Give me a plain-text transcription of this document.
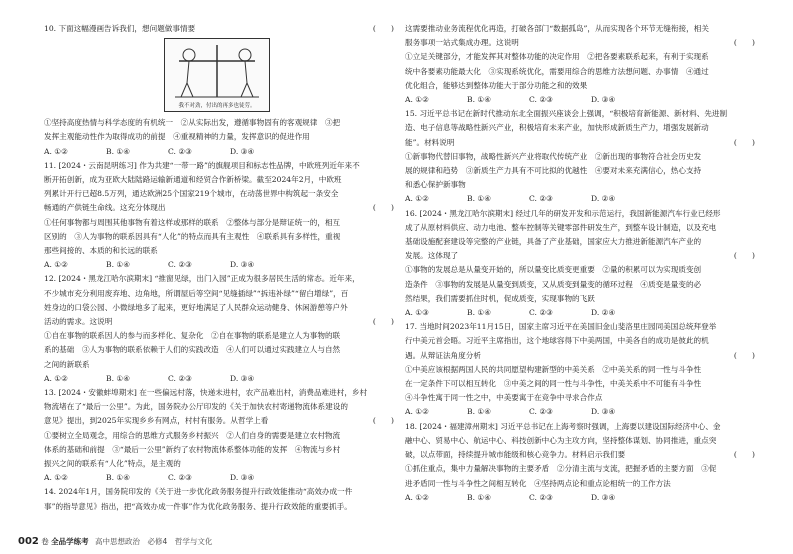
10. 下面这幅漫画告诉我们，想问题做事情要	(　　)
我不对劲，付出的再多也徒劳。
①坚持高度热情与科学态度的有机统一　②从实际出发，遵循事物固有的客观规律　③把
发挥主观能动性作为取得成功的前提　④重视精神的力量，发挥意识的促进作用
A. ①②	B. ①④	C. ②③	D. ③④
11. [2024・云南昆明练习] 作为共建“一带一路”的旗舰项目和标志性品牌，中欧班列近年来不
断开拓创新，成为亚欧大陆陆路运输新通道和经贸合作新桥梁。截至2024年2月，中欧班
列累计开行已超8.5万列，通达欧洲25个国家219个城市，在动荡世界中构筑起一条安全
畅通的产供链生命线。这充分体现出	(　　)
①任何事物都与周围其他事物有着这样或那样的联系　②整体与部分是辩证统一的，相互
区别的　③人为事物的联系因具有“人化”的特点而具有主观性　④联系具有多样性，重视
那些间接的、本质的和长远的联系
A. ①②	B. ①④	C. ②③	D. ③④
12. [2024・黑龙江哈尔滨期末] “推窗见绿，出门入园”正成为很多居民生活的常态。近年来，
不少城市充分利用废弃地、边角地，所谓屋后等空间“见缝插绿”“拆违补绿”“留白增绿”，百
姓身边的口袋公园、小微绿地多了起来，更好地满足了人民群众运动健身、休闲游憩等户外
活动的需求。这说明	(　　)
①自在事物的联系因人的参与而多样化、复杂化　②自在事物的联系是建立人为事物的联
系的基础　③人为事物的联系依赖于人们的实践改造　④人们可以通过实践建立人与自然
之间的新联系
A. ①②	B. ①④	C. ②③	D. ③④
13. [2024・安徽蚌埠期末] 在一些偏远村落，快递未进村，农产品难出村，消费品难进村，乡村
物流堵在了“最后一公里”。为此，国务院办公厅印发的《关于加快农村寄递物流体系建设的
意见》提出，到2025年实现乡乡有网点，村村有服务。从哲学上看	(　　)
①要树立全局观念，用综合的思维方式服务乡村振兴　②人们自身的需要是建立农村物流
体系的基础和前提　③“最后一公里”新约了农村物流体系整体功能的发挥　④物流与乡村
振兴之间的联系有“人化”特点，是主观的
A. ①②	B. ①④	C. ②③	D. ③④
14. 2024年1月，国务院印发的《关于进一步优化政务服务提升行政效能推动“高效办成一件
事”的指导意见》指出，把“高效办成一件事”作为优化政务服务、提升行政效能的重要抓手。
这需要推动业务流程优化再造，打破各部门“数据孤岛”，从而实现各个环节无缝衔接，相关
服务事项一站式集成办理。这说明	(　　)
①立足关键部分，才能发挥其对整体功能的决定作用　②把各要素联系起来，有利于实现系
统中各要素功能最大化　③实现系统优化，需要用综合的思维方法想问题、办事情　④通过
优化组合，能够达到整体功能大于部分功能之和的效果
A. ①②	B. ①④	C. ②③	D. ③④
15. 习近平总书记在新时代推动东北全面振兴座谈会上强调，“积极培育新能源、新材料、先进制
造、电子信息等战略性新兴产业，积极培育未来产业，加快形成新质生产力，增强发展新动
能”。材料说明	(　　)
①新事物代替旧事物，战略性新兴产业将取代传统产业　②新出现的事物符合社会历史发
展的规律和趋势　③新质生产力具有不可比拟的优越性　④要对未来充满信心，热心支持
和悉心保护新事物
A. ①②	B. ①④	C. ②③	D. ②④
16. [2024・黑龙江哈尔滨期末] 经过几年的研发开发和示范运行，我国新能源汽车行业已经形
成了从原材料供应、动力电池、整车控制等关键零部件研发生产，到整车设计制造，以及充电
基础设施配套建设等完整的产业链，具备了产业基础，国家应大力推进新能源汽车产业的
发展。这体现了	(　　)
①事物的发展总是从量变开始的，所以量变比质变更重要　②量的积累可以为实现质变创
造条件　③事物的发展是从量变到质变，又从质变到量变的循环过程　④质变是量变的必
然结果，我们需要抓住时机，促成质变，实现事物的飞跃
A. ①③	B. ①④	C. ②③	D. ②④
17. 当地时间2023年11月15日，国家主席习近平在美国旧金山斐洛里庄园同美国总统拜登举
行中美元首会晤。习近平主席指出，这个地球容得下中美两国，中美各自的成功是彼此的机
遇。从辩证法角度分析	(　　)
①中美应该根据两国人民的共同愿望构建新型的中美关系　②中美关系的同一性与斗争性
在一定条件下可以相互转化　③中美之间的同一性与斗争性，中美关系中不可能有斗争性
④斗争性寓于同一性之中，中美要寓于在竞争中寻求合作点
A. ①②	B. ①④	C. ②③	D. ③④
18. [2024・福建漳州期末] 习近平总书记在上海考察时强调，上海要以建设国际经济中心、金
融中心、贸易中心、航运中心、科技创新中心为主攻方向，坚持整体谋划、协同推进，重点突
破，以点带面，持续提升城市能级和核心竞争力。材料启示我们要	(　　)
①抓住重点，集中力量解决事物的主要矛盾　②分清主流与支流，把握矛盾的主要方面　③促
进矛盾同一性与斗争性之间相互转化　④坚持两点论和重点论相统一的工作方法
A. ①②	B. ①④	C. ②③	D. ③④
002 卷 全品学练考 高中思想政治　必修4　哲学与文化
